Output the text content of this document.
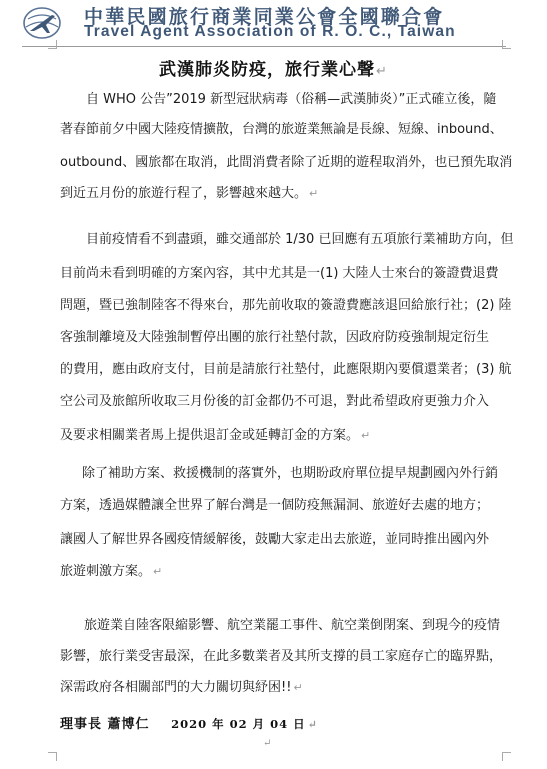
中華民國旅行商業同業公會全國聯合會
Travel Agent Association of R. O. C., Taiwan
武漢肺炎防疫，旅行業心聲↵
自 WHO 公告”2019 新型冠狀病毒（俗稱—武漢肺炎）”正式確立後，隨
著春節前夕中國大陸疫情擴散，台灣的旅遊業無論是長線、短線、inbound、
outbound、國旅都在取消，此間消費者除了近期的遊程取消外，也已預先取消
到近五月份的旅遊行程了，影響越來越大。 ↵
目前疫情看不到盡頭，雖交通部於 1/30 已回應有五項旅行業補助方向，但
目前尚未看到明確的方案內容，其中尤其是一(1) 大陸人士來台的簽證費退費
問題，暨已強制陸客不得來台，那先前收取的簽證費應該退回給旅行社；(2) 陸
客強制離境及大陸強制暫停出團的旅行社墊付款，因政府防疫強制規定衍生
的費用，應由政府支付，目前是請旅行社墊付，此應限期內要償還業者；(3) 航
空公司及旅館所收取三月份後的訂金都仍不可退，對此希望政府更強力介入
及要求相關業者馬上提供退訂金或延轉訂金的方案。 ↵
除了補助方案、救援機制的落實外，也期盼政府單位提早規劃國內外行銷
方案，透過媒體讓全世界了解台灣是一個防疫無漏洞、旅遊好去處的地方；
讓國人了解世界各國疫情緩解後，鼓勵大家走出去旅遊，並同時推出國內外
旅遊刺激方案。 ↵
旅遊業自陸客限縮影響、航空業罷工事件、航空業倒閉案、到現今的疫情
影響，旅行業受害最深，在此多數業者及其所支撐的員工家庭存亡的臨界點，
深需政府各相關部門的大力關切與紓困!! ↵
理事長 蕭博仁 2020 年 02 月 04 日 ↵
↵
